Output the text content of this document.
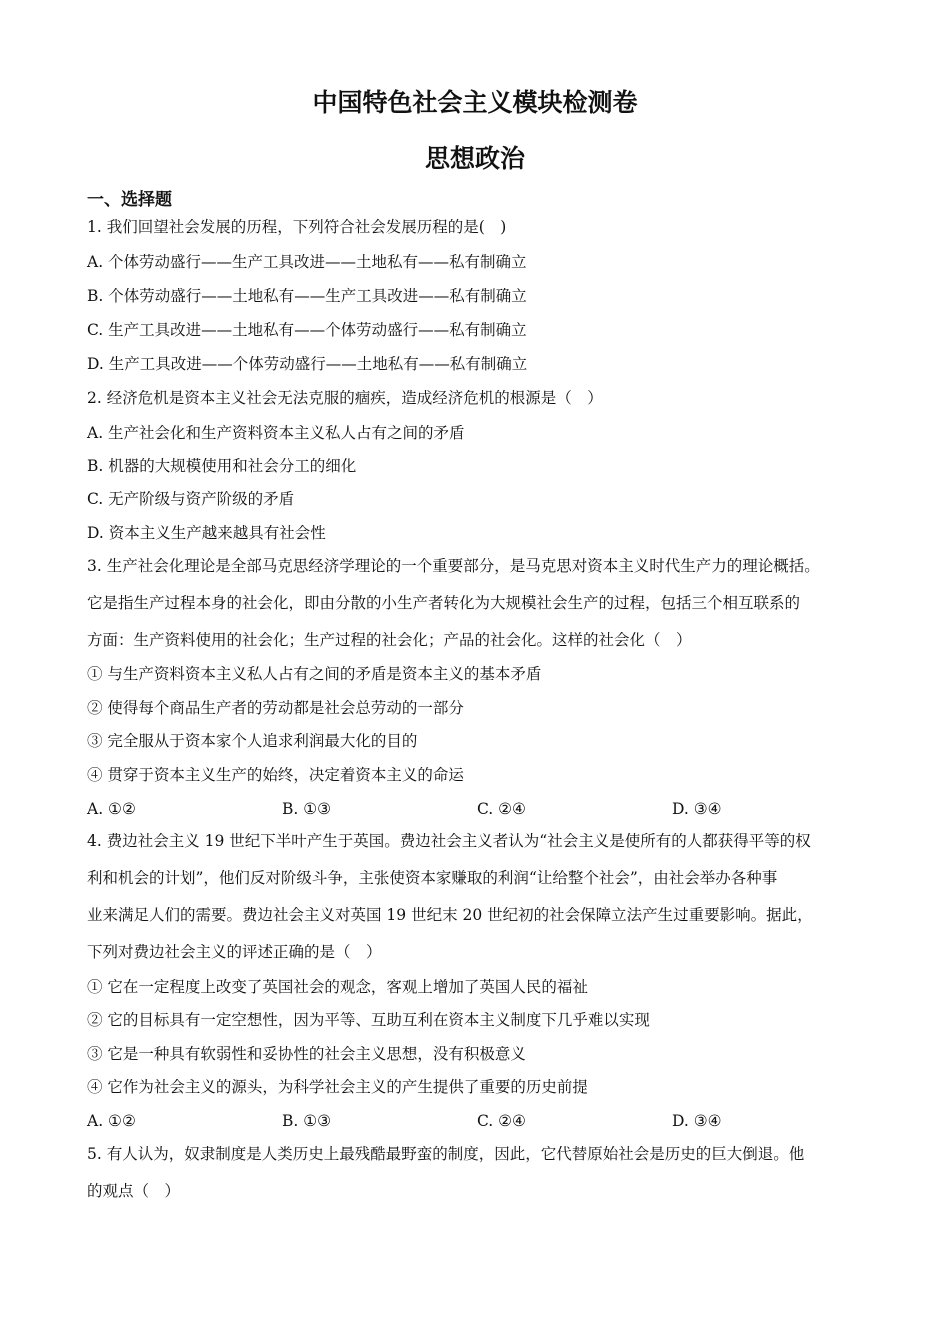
中国特色社会主义模块检测卷
思想政治
一、选择题
1. 我们回望社会发展的历程，下列符合社会发展历程的是(　)
A. 个体劳动盛行——生产工具改进——土地私有——私有制确立
B. 个体劳动盛行——土地私有——生产工具改进——私有制确立
C. 生产工具改进——土地私有——个体劳动盛行——私有制确立
D. 生产工具改进——个体劳动盛行——土地私有——私有制确立
2. 经济危机是资本主义社会无法克服的痼疾，造成经济危机的根源是（　）
A. 生产社会化和生产资料资本主义私人占有之间的矛盾
B. 机器的大规模使用和社会分工的细化
C. 无产阶级与资产阶级的矛盾
D. 资本主义生产越来越具有社会性
3. 生产社会化理论是全部马克思经济学理论的一个重要部分，是马克思对资本主义时代生产力的理论概括。
它是指生产过程本身的社会化，即由分散的小生产者转化为大规模社会生产的过程，包括三个相互联系的
方面：生产资料使用的社会化；生产过程的社会化；产品的社会化。这样的社会化（　）
① 与生产资料资本主义私人占有之间的矛盾是资本主义的基本矛盾
② 使得每个商品生产者的劳动都是社会总劳动的一部分
③ 完全服从于资本家个人追求利润最大化的目的
④ 贯穿于资本主义生产的始终，决定着资本主义的命运
A. ①②	B. ①③	C. ②④	D. ③④
4. 费边社会主义 19 世纪下半叶产生于英国。费边社会主义者认为“社会主义是使所有的人都获得平等的权
利和机会的计划”，他们反对阶级斗争，主张使资本家赚取的利润“让给整个社会”，由社会举办各种事
业来满足人们的需要。费边社会主义对英国 19 世纪末 20 世纪初的社会保障立法产生过重要影响。据此，
下列对费边社会主义的评述正确的是（　）
① 它在一定程度上改变了英国社会的观念，客观上增加了英国人民的福祉
② 它的目标具有一定空想性，因为平等、互助互利在资本主义制度下几乎难以实现
③ 它是一种具有软弱性和妥协性的社会主义思想，没有积极意义
④ 它作为社会主义的源头，为科学社会主义的产生提供了重要的历史前提
A. ①②	B. ①③	C. ②④	D. ③④
5. 有人认为，奴隶制度是人类历史上最残酷最野蛮的制度，因此，它代替原始社会是历史的巨大倒退。他
的观点（　）
